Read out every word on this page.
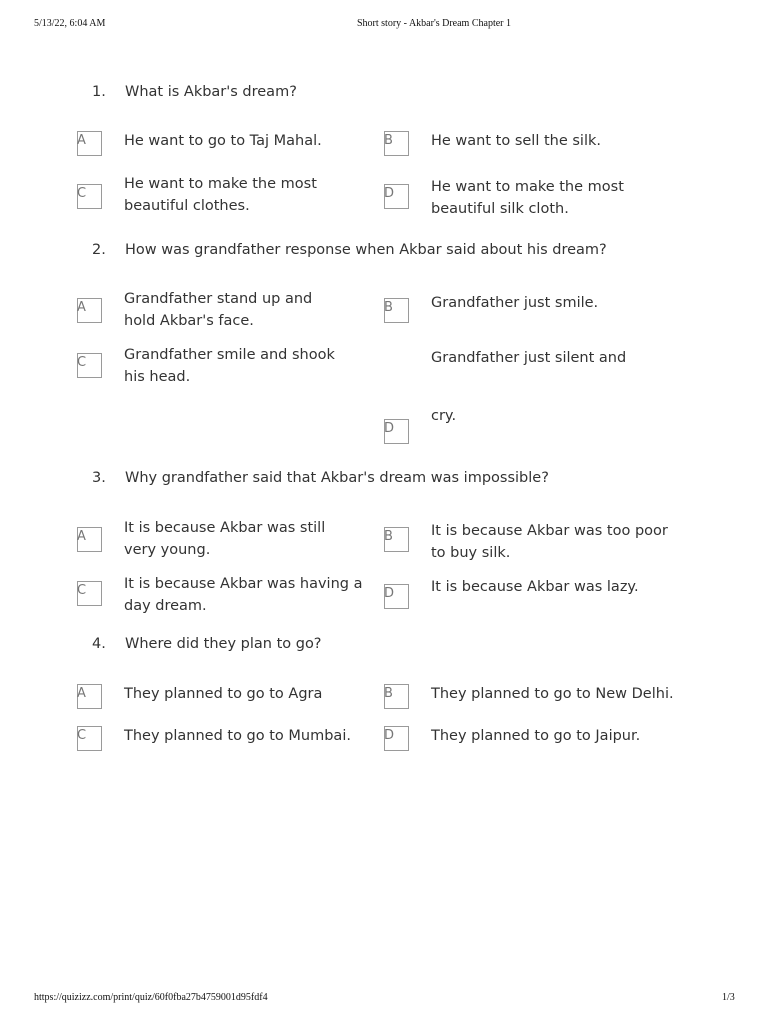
5/13/22, 6:04 AM	Short story - Akbar's Dream Chapter 1
1. What is Akbar's dream?
A	He want to go to Taj Mahal.	B	He want to sell the silk.
C
He want to make the most beautiful clothes.
D	He want to make the most beautiful silk cloth.
2. How was grandfather response when Akbar said about his dream?
A
Grandfather stand up and hold Akbar's face.
B	Grandfather just smile.
C	Grandfather smile and shook his head.
Grandfather just silent and
D
cry.
3. Why grandfather said that Akbar's dream was impossible?
A
It is because Akbar was still very young.
B	It is because Akbar was too poor to buy silk.
C	It is because Akbar was having a day dream.
D	It is because Akbar was lazy.
4. Where did they plan to go?
A	They planned to go to Agra	B	They planned to go to New Delhi.
C	They planned to go to Mumbai.	D	They planned to go to Jaipur.
https://quizizz.com/print/quiz/60f0fba27b4759001d95fdf4	1/3
